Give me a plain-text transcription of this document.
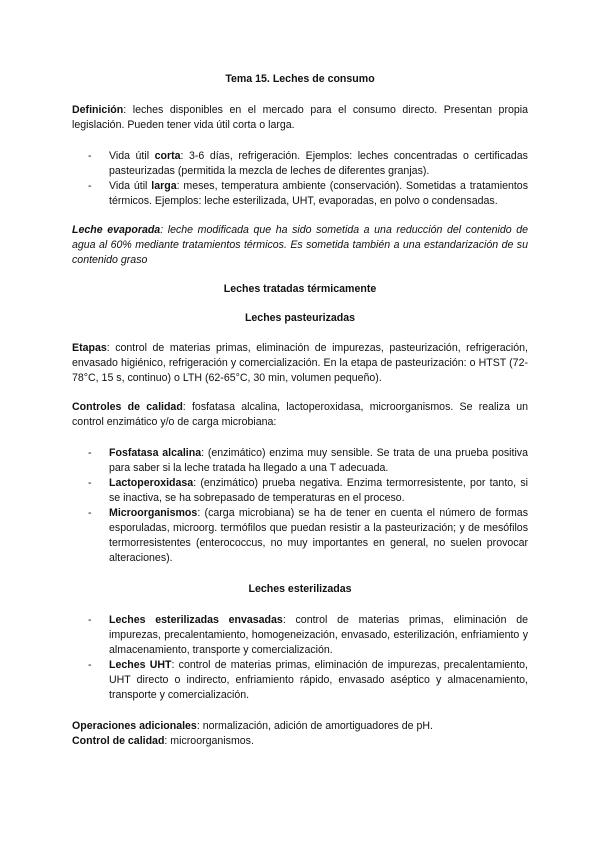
Tema 15. Leches de consumo

Definición: leches disponibles en el mercado para el consumo directo. Presentan propia legislación. Pueden tener vida útil corta o larga.

- Vida útil corta: 3-6 días, refrigeración. Ejemplos: leches concentradas o certificadas pasteurizadas (permitida la mezcla de leches de diferentes granjas).
- Vida útil larga: meses, temperatura ambiente (conservación). Sometidas a tratamientos térmicos. Ejemplos: leche esterilizada, UHT, evaporadas, en polvo o condensadas.

Leche evaporada: leche modificada que ha sido sometida a una reducción del contenido de agua al 60% mediante tratamientos térmicos. Es sometida también a una estandarización de su contenido graso

Leches tratadas térmicamente

Leches pasteurizadas

Etapas: control de materias primas, eliminación de impurezas, pasteurización, refrigeración, envasado higiénico, refrigeración y comercialización. En la etapa de pasteurización: o HTST (72-78°C, 15 s, continuo) o LTH (62-65°C, 30 min, volumen pequeño).

Controles de calidad: fosfatasa alcalina, lactoperoxidasa, microorganismos. Se realiza un control enzimático y/o de carga microbiana:

- Fosfatasa alcalina: (enzimático) enzima muy sensible. Se trata de una prueba positiva para saber si la leche tratada ha llegado a una T adecuada.
- Lactoperoxidasa: (enzimático) prueba negativa. Enzima termorresistente, por tanto, si se inactiva, se ha sobrepasado de temperaturas en el proceso.
- Microorganismos: (carga microbiana) se ha de tener en cuenta el número de formas esporuladas, microorg. termófilos que puedan resistir a la pasteurización; y de mesófilos termorresistentes (enterococcus, no muy importantes en general, no suelen provocar alteraciones).

Leches esterilizadas

- Leches esterilizadas envasadas: control de materias primas, eliminación de impurezas, precalentamiento, homogeneización, envasado, esterilización, enfriamiento y almacenamiento, transporte y comercialización.
- Leches UHT: control de materias primas, eliminación de impurezas, precalentamiento, UHT directo o indirecto, enfriamiento rápido, envasado aséptico y almacenamiento, transporte y comercialización.

Operaciones adicionales: normalización, adición de amortiguadores de pH.

Control de calidad: microorganismos.
